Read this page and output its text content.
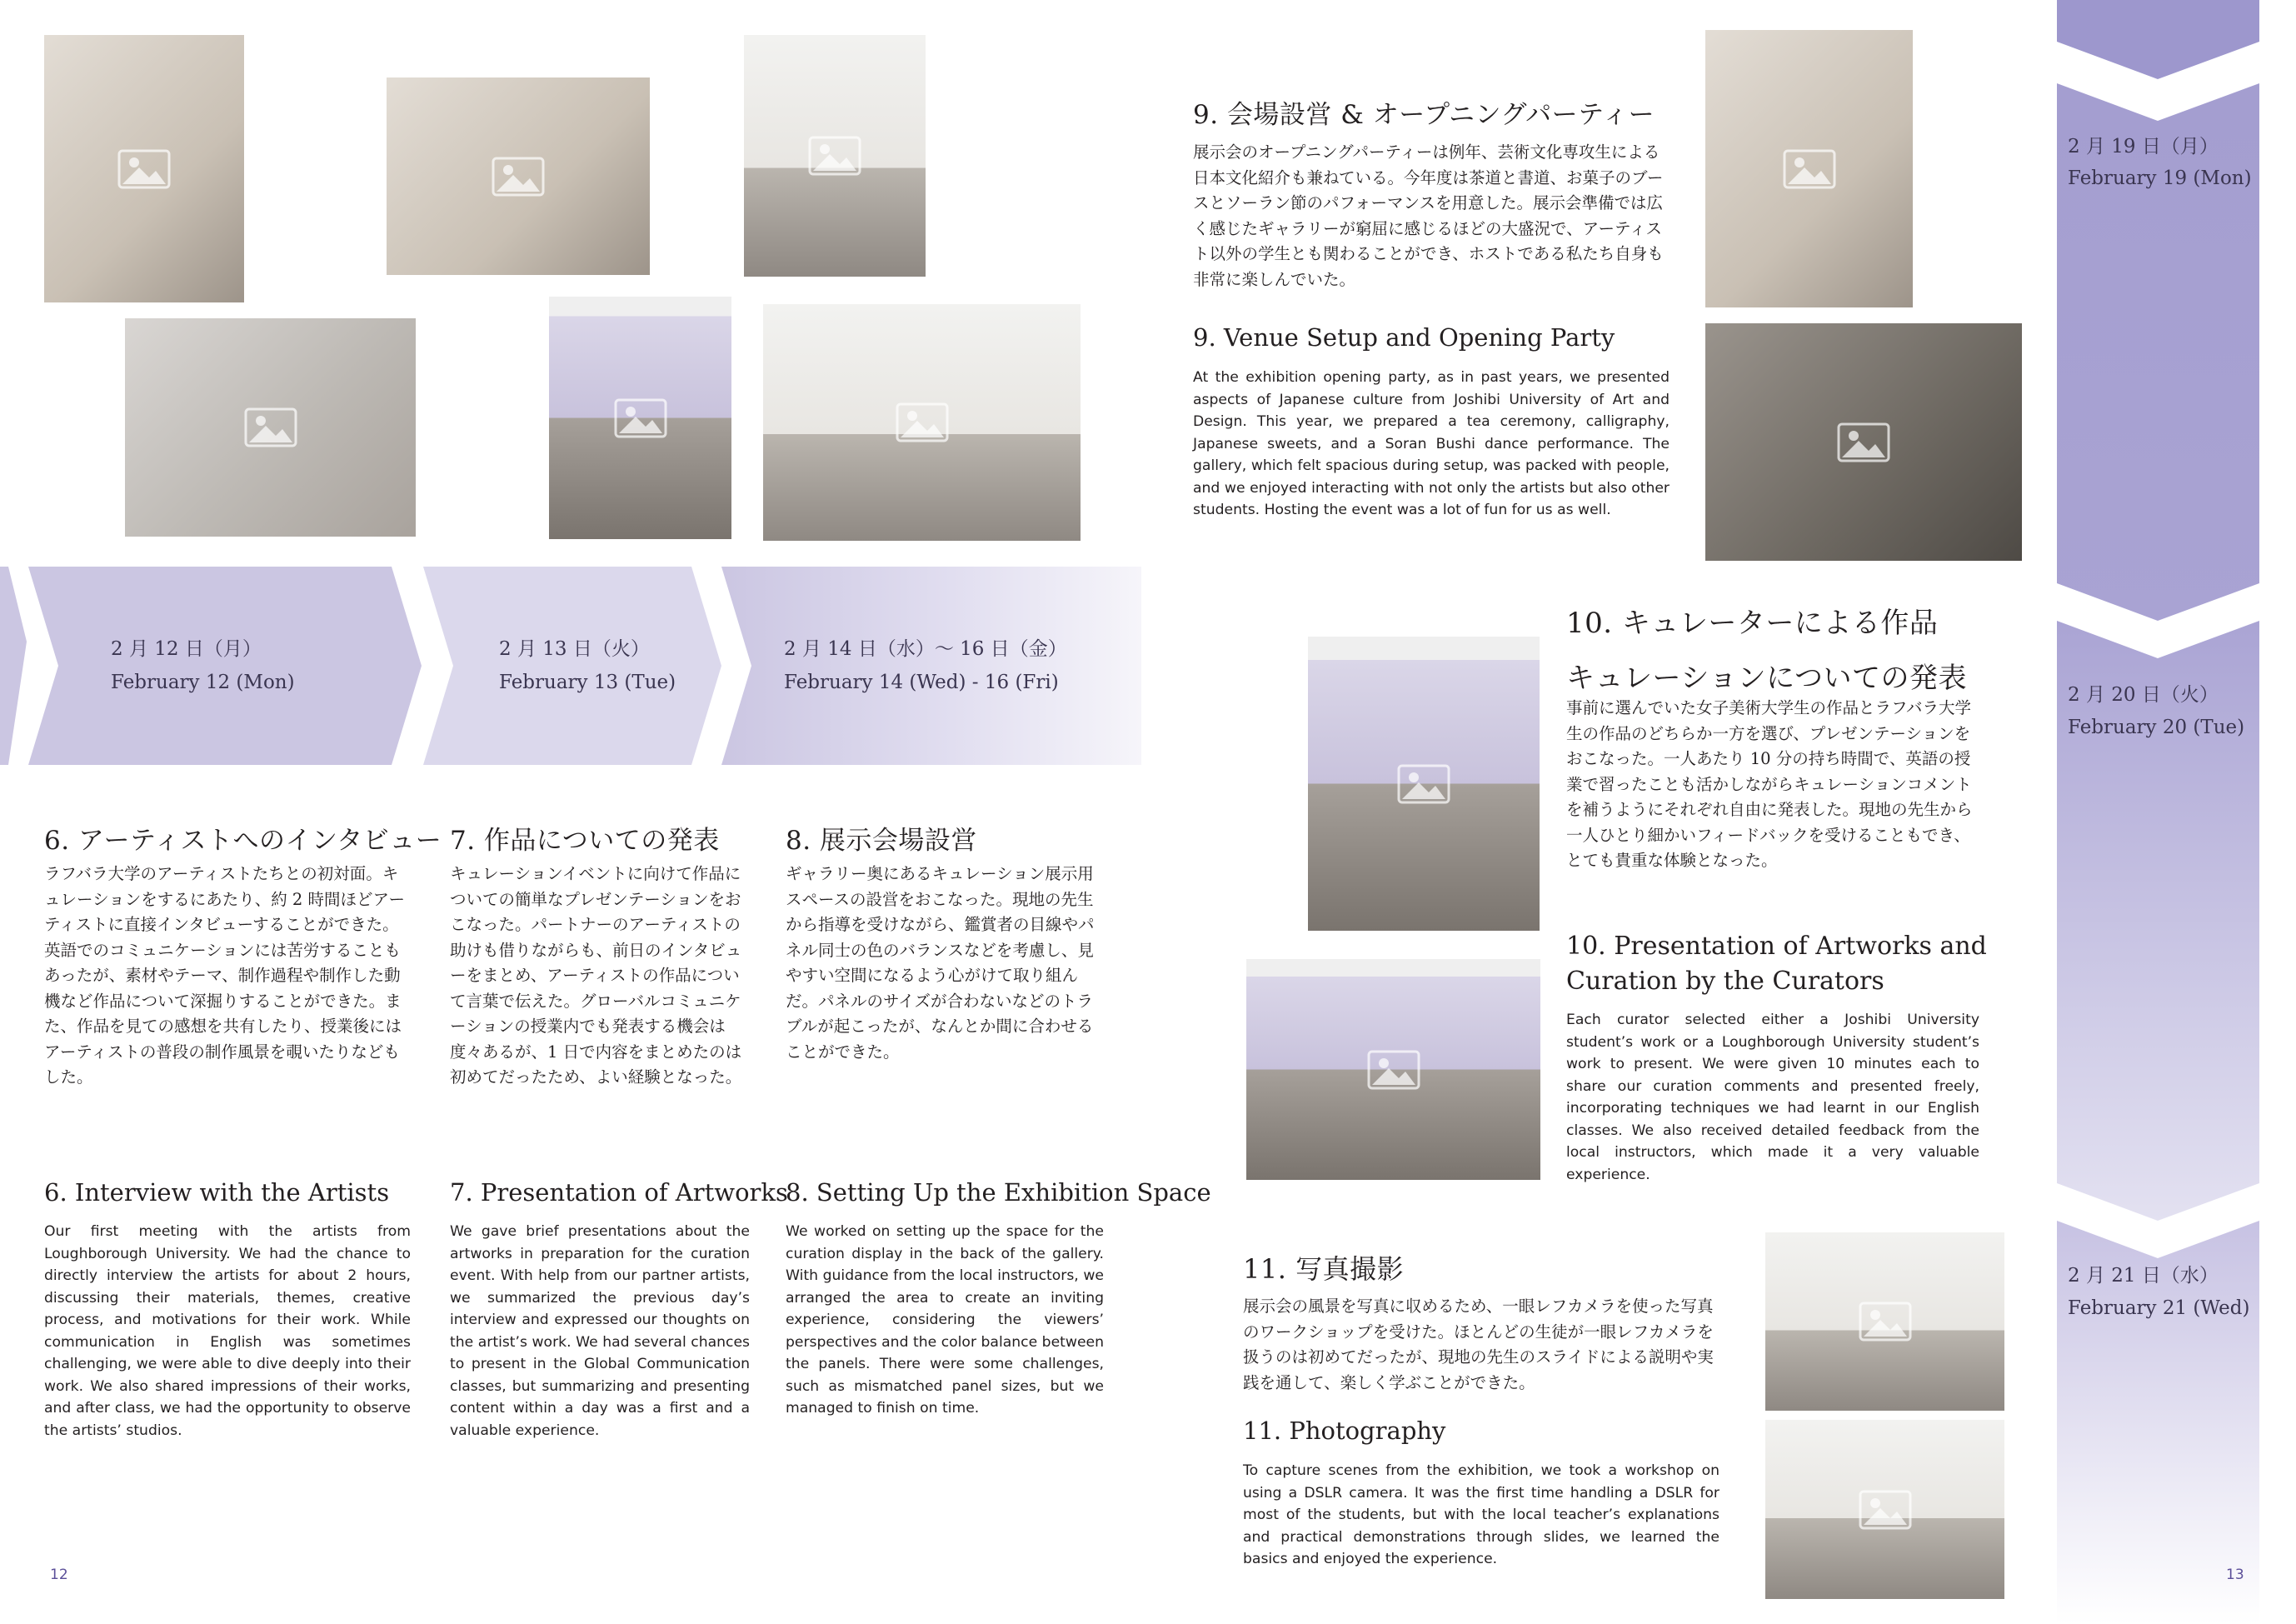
2 月 12 日（月）
February 12 (Mon)
2 月 13 日（火）
February 13 (Tue)
2 月 14 日（水）〜 16 日（金）
February 14 (Wed) - 16 (Fri)
2 月 19 日（月）
February 19 (Mon)
2 月 20 日（火）
February 20 (Tue)
2 月 21 日（水）
February 21 (Wed)
6. アーティストへのインタビュー
ラフバラ大学のアーティストたちとの初対面。キュレーションをするにあたり、約 2 時間ほどアーティストに直接インタビューすることができた。英語でのコミュニケーションには苦労することもあったが、素材やテーマ、制作過程や制作した動機など作品について深掘りすることができた。また、作品を見ての感想を共有したり、授業後にはアーティストの普段の制作風景を覗いたりなどもした。
6. Interview with the Artists
Our first meeting with the artists from Loughborough University. We had the chance to directly interview the artists for about 2 hours, discussing their materials, themes, creative process, and motivations for their work. While communication in English was sometimes challenging, we were able to dive deeply into their work. We also shared impressions of their works, and after class, we had the opportunity to observe the artists’ studios.
7. 作品についての発表
キュレーションイベントに向けて作品についての簡単なプレゼンテーションをおこなった。パートナーのアーティストの助けも借りながらも、前日のインタビューをまとめ、アーティストの作品について言葉で伝えた。グローバルコミュニケーションの授業内でも発表する機会は度々あるが、1 日で内容をまとめたのは初めてだったため、よい経験となった。
7. Presentation of Artworks
We gave brief presentations about the artworks in preparation for the curation event. With help from our partner artists, we summarized the previous day’s interview and expressed our thoughts on the artist’s work. We had several chances to present in the Global Communication classes, but summarizing and presenting content within a day was a first and a valuable experience.
8. 展示会場設営
ギャラリー奥にあるキュレーション展示用スペースの設営をおこなった。現地の先生から指導を受けながら、鑑賞者の目線やパネル同士の色のバランスなどを考慮し、見やすい空間になるよう心がけて取り組んだ。パネルのサイズが合わないなどのトラブルが起こったが、なんとか間に合わせることができた。
8. Setting Up the Exhibition Space
We worked on setting up the space for the curation display in the back of the gallery. With guidance from the local instructors, we arranged the area to create an inviting experience, considering the viewers’ perspectives and the color balance between the panels. There were some challenges, such as mismatched panel sizes, but we managed to finish on time.
9. 会場設営 & オープニングパーティー
展示会のオープニングパーティーは例年、芸術文化専攻生による日本文化紹介も兼ねている。今年度は茶道と書道、お菓子のブースとソーラン節のパフォーマンスを用意した。展示会準備では広く感じたギャラリーが窮屈に感じるほどの大盛況で、アーティスト以外の学生とも関わることができ、ホストである私たち自身も非常に楽しんでいた。
9. Venue Setup and Opening Party
At the exhibition opening party, as in past years, we presented aspects of Japanese culture from Joshibi University of Art and Design. This year, we prepared a tea ceremony, calligraphy, Japanese sweets, and a Soran Bushi dance performance. The gallery, which felt spacious during setup, was packed with people, and we enjoyed interacting with not only the artists but also other students. Hosting the event was a lot of fun for us as well.
10. キュレーターによる作品
キュレーションについての発表
事前に選んでいた女子美術大学生の作品とラフバラ大学生の作品のどちらか一方を選び、プレゼンテーションをおこなった。一人あたり 10 分の持ち時間で、英語の授業で習ったことも活かしながらキュレーションコメントを補うようにそれぞれ自由に発表した。現地の先生から一人ひとり細かいフィードバックを受けることもでき、とても貴重な体験となった。
10. Presentation of Artworks and
Curation by the Curators
Each curator selected either a Joshibi University student’s work or a Loughborough University student’s work to present. We were given 10 minutes each to share our curation comments and presented freely, incorporating techniques we had learnt in our English classes. We also received detailed feedback from the local instructors, which made it a very valuable experience.
11. 写真撮影
展示会の風景を写真に収めるため、一眼レフカメラを使った写真のワークショップを受けた。ほとんどの生徒が一眼レフカメラを扱うのは初めてだったが、現地の先生のスライドによる説明や実践を通して、楽しく学ぶことができた。
11. Photography
To capture scenes from the exhibition, we took a workshop on using a DSLR camera. It was the first time handling a DSLR for most of the students, but with the local teacher’s explanations and practical demonstrations through slides, we learned the basics and enjoyed the experience.
12	13
